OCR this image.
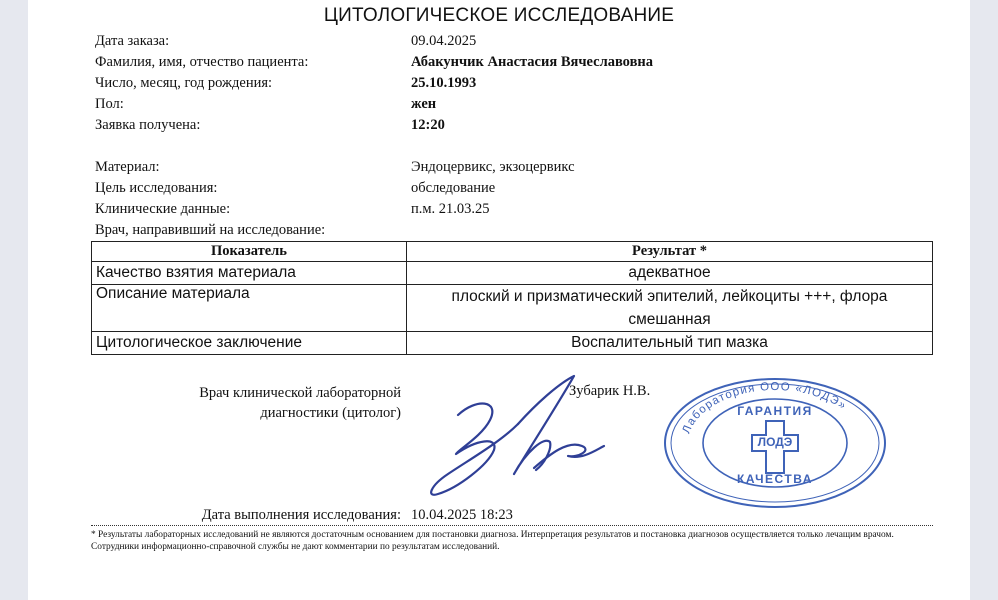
ЦИТОЛОГИЧЕСКОЕ ИССЛЕДОВАНИЕ
Дата заказа:	09.04.2025
Фамилия, имя, отчество пациента:	Абакунчик Анастасия Вячеславовна
Число, месяц, год рождения:	25.10.1993
Пол:	жен
Заявка получена:	12:20
Материал:	Эндоцервикс, экзоцервикс
Цель исследования:	обследование
Клинические данные:	п.м. 21.03.25
Врач, направивший на исследование:
Показатель	Результат *
Качество взятия материала	адекватное
Описание материала	плоский и призматический эпителий, лейкоциты +++, флора смешанная
Цитологическое заключение	Воспалительный тип мазка
Врач клинической лабораторной диагностики (цитолог)
Зубарик Н.В.
Лаборатория ООО «ЛОДЭ»
ГАРАНТИЯ
ЛОДЭ
КАЧЕСТВА
Дата выполнения исследования: 10.04.2025 18:23
* Результаты лабораторных исследований не являются достаточным основанием для постановки диагноза. Интерпретация результатов и постановка диагнозов осуществляется только лечащим врачом. Сотрудники информационно-справочной службы не дают комментарии по результатам исследований.
